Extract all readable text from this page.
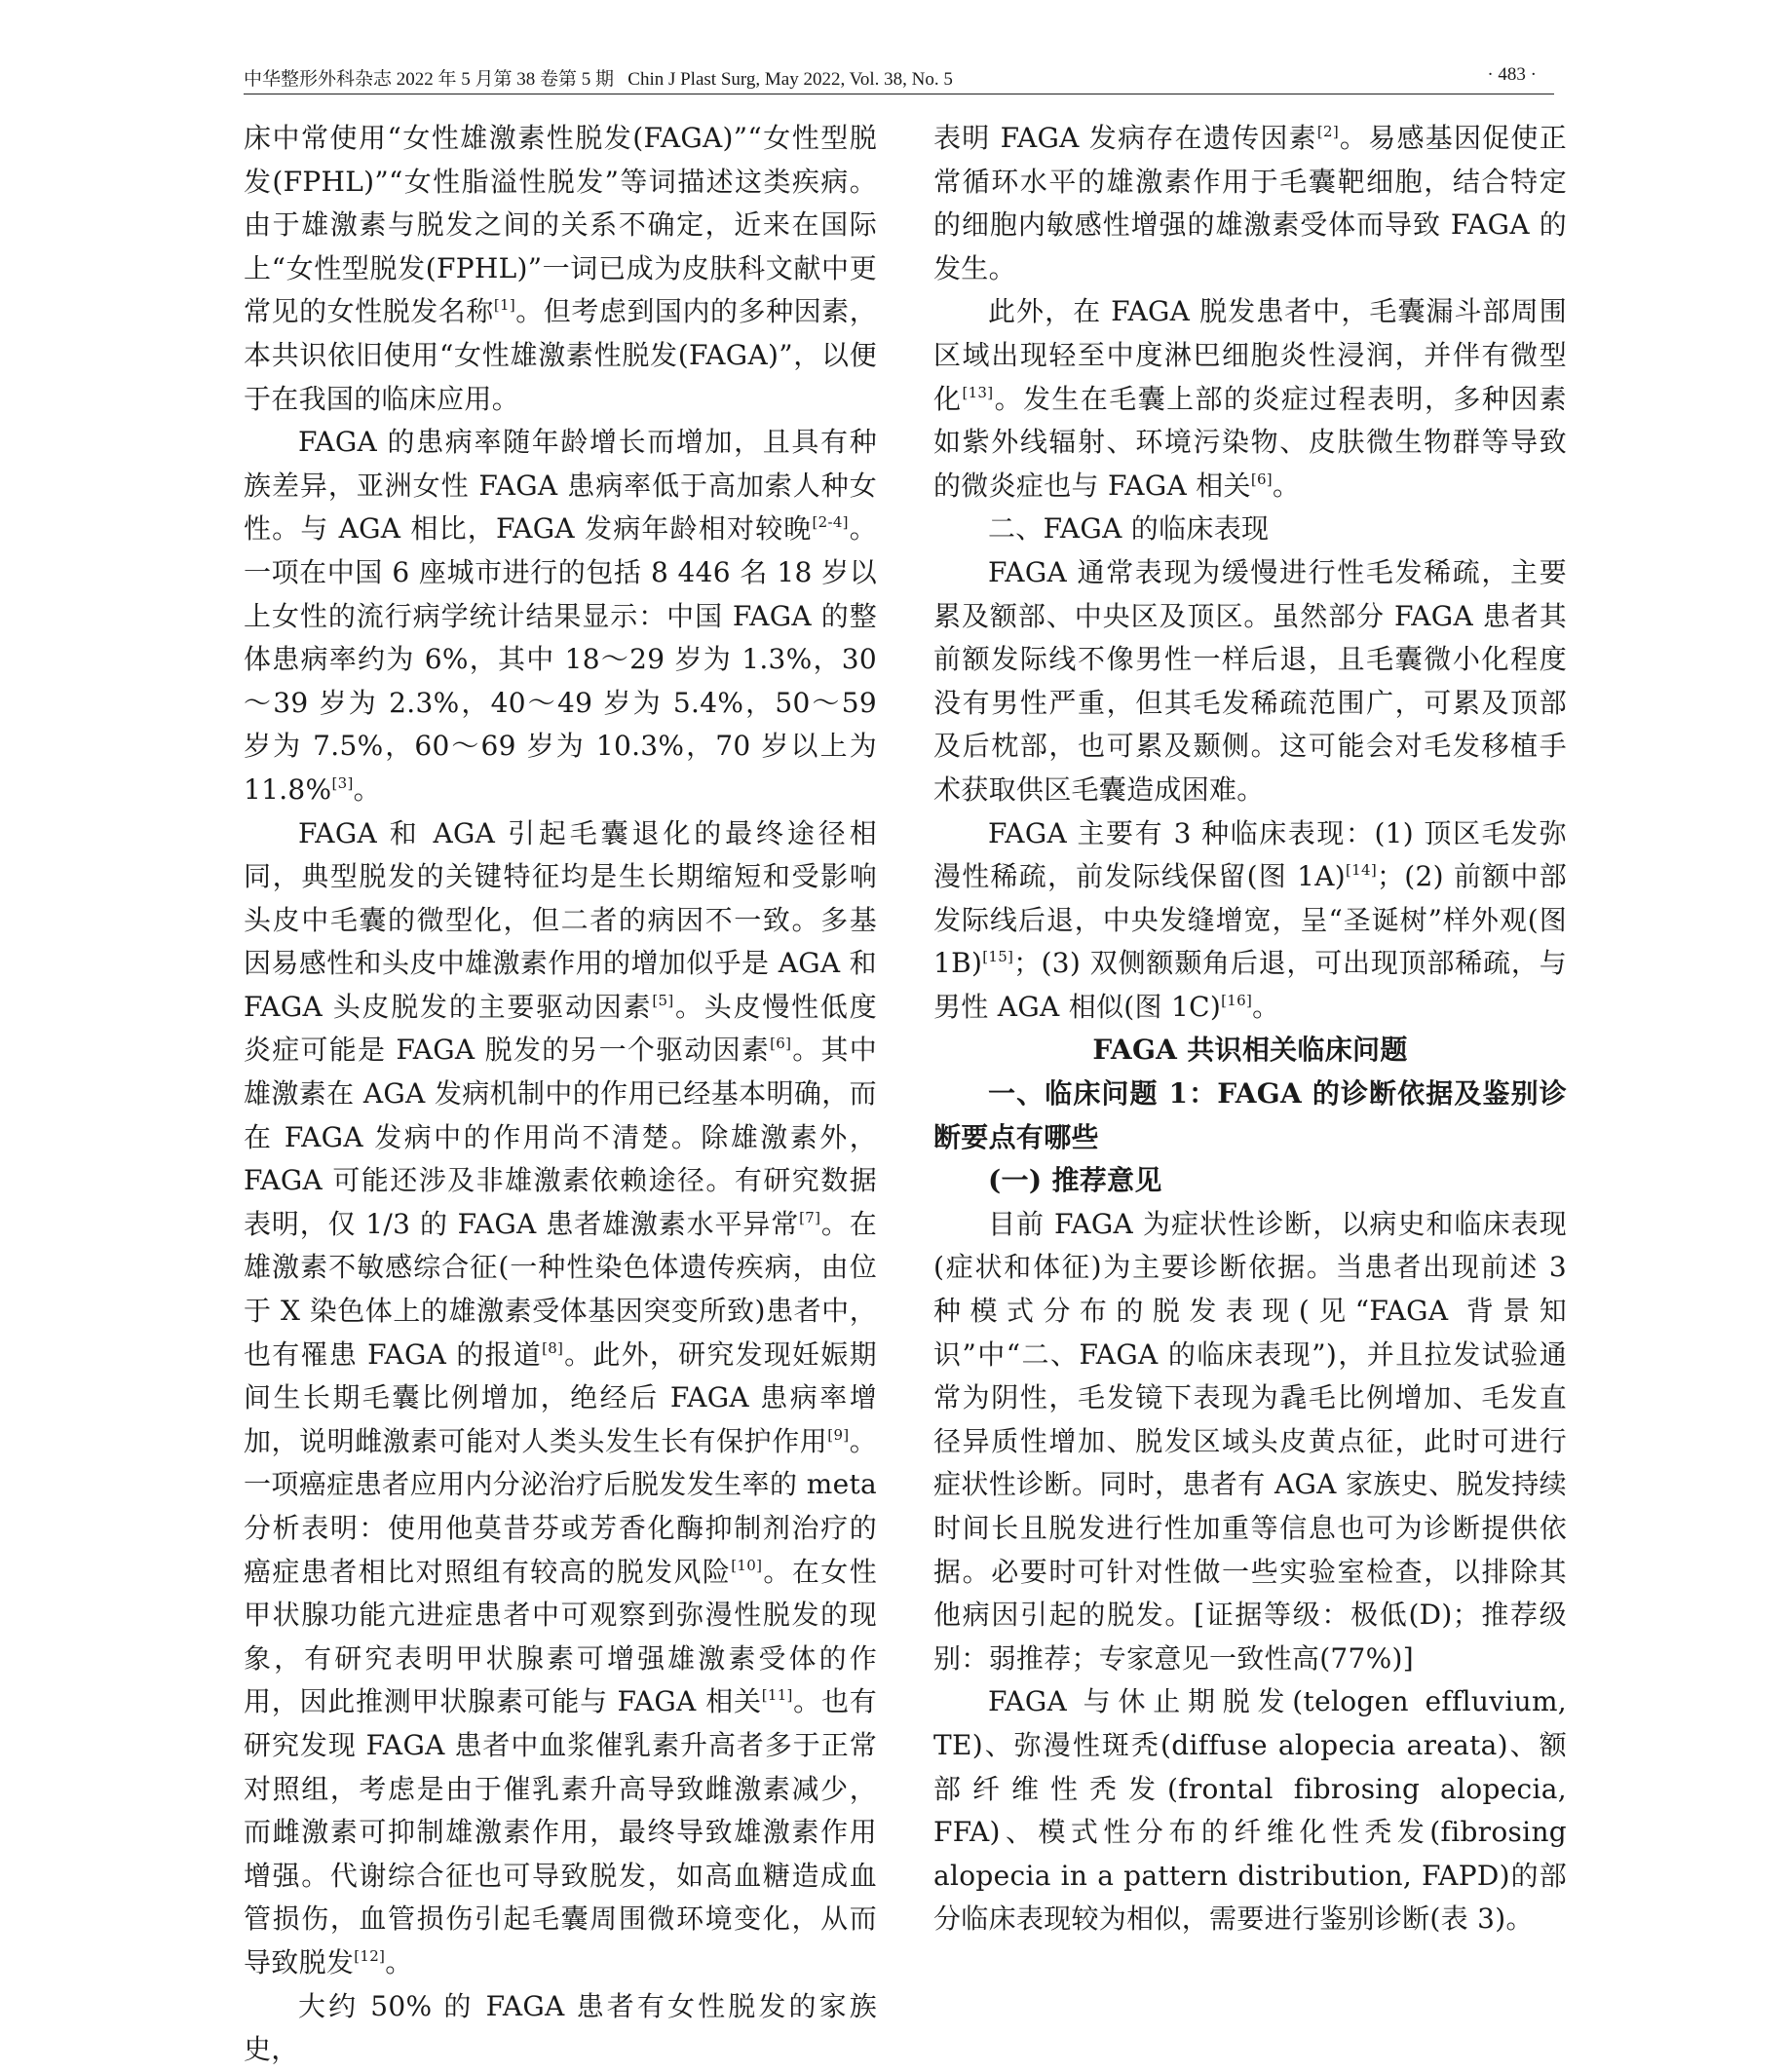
中华整形外科杂志 2022 年 5 月第 38 卷第 5 期 Chin J Plast Surg, May 2022, Vol. 38, No. 5	· 483 ·

床中常使用“女性雄激素性脱发(FAGA)”“女性型脱发(FPHL)”“女性脂溢性脱发”等词描述这类疾病。由于雄激素与脱发之间的关系不确定，近来在国际上“女性型脱发(FPHL)”一词已成为皮肤科文献中更常见的女性脱发名称[1]。但考虑到国内的多种因素，本共识依旧使用“女性雄激素性脱发(FAGA)”，以便于在我国的临床应用。

FAGA 的患病率随年龄增长而增加，且具有种族差异，亚洲女性 FAGA 患病率低于高加索人种女性。与 AGA 相比，FAGA 发病年龄相对较晚[2-4]。一项在中国 6 座城市进行的包括 8 446 名 18 岁以上女性的流行病学统计结果显示：中国 FAGA 的整体患病率约为 6%，其中 18～29 岁为 1.3%，30～39 岁为 2.3%，40～49 岁为 5.4%，50～59 岁为 7.5%，60～69 岁为 10.3%，70 岁以上为 11.8%[3]。

FAGA 和 AGA 引起毛囊退化的最终途径相同，典型脱发的关键特征均是生长期缩短和受影响头皮中毛囊的微型化，但二者的病因不一致。多基因易感性和头皮中雄激素作用的增加似乎是 AGA 和 FAGA 头皮脱发的主要驱动因素[5]。头皮慢性低度炎症可能是 FAGA 脱发的另一个驱动因素[6]。其中雄激素在 AGA 发病机制中的作用已经基本明确，而在 FAGA 发病中的作用尚不清楚。除雄激素外，FAGA 可能还涉及非雄激素依赖途径。有研究数据表明，仅 1/3 的 FAGA 患者雄激素水平异常[7]。在雄激素不敏感综合征(一种性染色体遗传疾病，由位于 X 染色体上的雄激素受体基因突变所致)患者中，也有罹患 FAGA 的报道[8]。此外，研究发现妊娠期间生长期毛囊比例增加，绝经后 FAGA 患病率增加，说明雌激素可能对人类头发生长有保护作用[9]。一项癌症患者应用内分泌治疗后脱发发生率的 meta 分析表明：使用他莫昔芬或芳香化酶抑制剂治疗的癌症患者相比对照组有较高的脱发风险[10]。在女性甲状腺功能亢进症患者中可观察到弥漫性脱发的现象，有研究表明甲状腺素可增强雄激素受体的作用，因此推测甲状腺素可能与 FAGA 相关[11]。也有研究发现 FAGA 患者中血浆催乳素升高者多于正常对照组，考虑是由于催乳素升高导致雌激素减少，而雌激素可抑制雄激素作用，最终导致雄激素作用增强。代谢综合征也可导致脱发，如高血糖造成血管损伤，血管损伤引起毛囊周围微环境变化，从而导致脱发[12]。

大约 50% 的 FAGA 患者有女性脱发的家族史，

表明 FAGA 发病存在遗传因素[2]。易感基因促使正常循环水平的雄激素作用于毛囊靶细胞，结合特定的细胞内敏感性增强的雄激素受体而导致 FAGA 的发生。

此外，在 FAGA 脱发患者中，毛囊漏斗部周围区域出现轻至中度淋巴细胞炎性浸润，并伴有微型化[13]。发生在毛囊上部的炎症过程表明，多种因素如紫外线辐射、环境污染物、皮肤微生物群等导致的微炎症也与 FAGA 相关[6]。

二、FAGA 的临床表现

FAGA 通常表现为缓慢进行性毛发稀疏，主要累及额部、中央区及顶区。虽然部分 FAGA 患者其前额发际线不像男性一样后退，且毛囊微小化程度没有男性严重，但其毛发稀疏范围广，可累及顶部及后枕部，也可累及颞侧。这可能会对毛发移植手术获取供区毛囊造成困难。

FAGA 主要有 3 种临床表现：(1) 顶区毛发弥漫性稀疏，前发际线保留(图 1A)[14]；(2) 前额中部发际线后退，中央发缝增宽，呈“圣诞树”样外观(图 1B)[15]；(3) 双侧额颞角后退，可出现顶部稀疏，与男性 AGA 相似(图 1C)[16]。

FAGA 共识相关临床问题

一、临床问题 1：FAGA 的诊断依据及鉴别诊断要点有哪些

(一) 推荐意见

目前 FAGA 为症状性诊断，以病史和临床表现(症状和体征)为主要诊断依据。当患者出现前述 3 种模式分布的脱发表现(见“FAGA 背景知识”中“二、FAGA 的临床表现”)，并且拉发试验通常为阴性，毛发镜下表现为毳毛比例增加、毛发直径异质性增加、脱发区域头皮黄点征，此时可进行症状性诊断。同时，患者有 AGA 家族史、脱发持续时间长且脱发进行性加重等信息也可为诊断提供依据。必要时可针对性做一些实验室检查，以排除其他病因引起的脱发。[证据等级：极低(D)；推荐级别：弱推荐；专家意见一致性高(77%)]

FAGA 与休止期脱发(telogen effluvium, TE)、弥漫性斑秃(diffuse alopecia areata)、额部纤维性秃发(frontal fibrosing alopecia, FFA)、模式性分布的纤维化性秃发(fibrosing alopecia in a pattern distribution, FAPD)的部分临床表现较为相似，需要进行鉴别诊断(表 3)。
